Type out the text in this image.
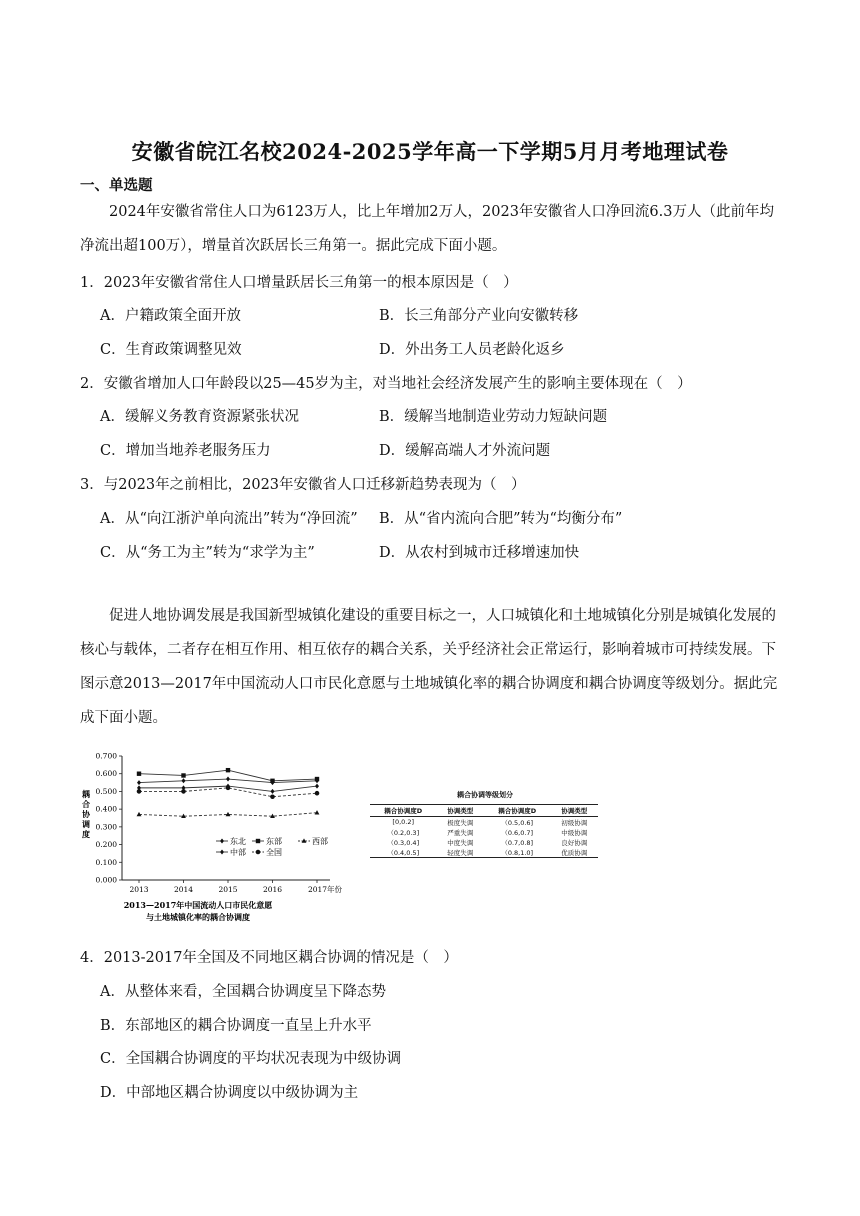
安徽省皖江名校2024-2025学年高一下学期5月月考地理试卷
一、单选题
2024年安徽省常住人口为6123万人，比上年增加2万人，2023年安徽省人口净回流6.3万人（此前年均净流出超100万），增量首次跃居长三角第一。据此完成下面小题。
1．2023年安徽省常住人口增量跃居长三角第一的根本原因是（　）
A．户籍政策全面开放	B．长三角部分产业向安徽转移
C．生育政策调整见效	D．外出务工人员老龄化返乡
2．安徽省增加人口年龄段以25—45岁为主，对当地社会经济发展产生的影响主要体现在（　）
A．缓解义务教育资源紧张状况	B．缓解当地制造业劳动力短缺问题
C．增加当地养老服务压力	D．缓解高端人才外流问题
3．与2023年之前相比，2023年安徽省人口迁移新趋势表现为（　）
A．从“向江浙沪单向流出”转为“净回流” B．从“省内流向合肥”转为“均衡分布”
C．从“务工为主”转为“求学为主”	D．从农村到城市迁移增速加快
促进人地协调发展是我国新型城镇化建设的重要目标之一，人口城镇化和土地城镇化分别是城镇化发展的核心与载体，二者存在相互作用、相互依存的耦合关系，关乎经济社会正常运行，影响着城市可持续发展。下图示意2013—2017年中国流动人口市民化意愿与土地城镇化率的耦合协调度和耦合协调度等级划分。据此完成下面小题。
0.000
0.100
0.200
0.300
0.400
0.500
0.600
0.700
2013	2014	2015	2016	2017年份
耦
合
协
调
度
东北	东部	西部
中部	全国
2013—2017年中国流动人口市民化意愿
与土地城镇化率的耦合协调度
耦合协调等级划分
耦合协调度D	协调类型	耦合协调度D	协调类型
[0,0.2]	极度失调	（0.5,0.6]	初级协调
（0.2,0.3]	严重失调	（0.6,0.7]	中级协调
（0.3,0.4]	中度失调	（0.7,0.8]	良好协调
（0.4,0.5]	轻度失调	（0.8,1.0]	优质协调
4．2013-2017年全国及不同地区耦合协调的情况是（　）
A．从整体来看，全国耦合协调度呈下降态势
B．东部地区的耦合协调度一直呈上升水平
C．全国耦合协调度的平均状况表现为中级协调
D．中部地区耦合协调度以中级协调为主
